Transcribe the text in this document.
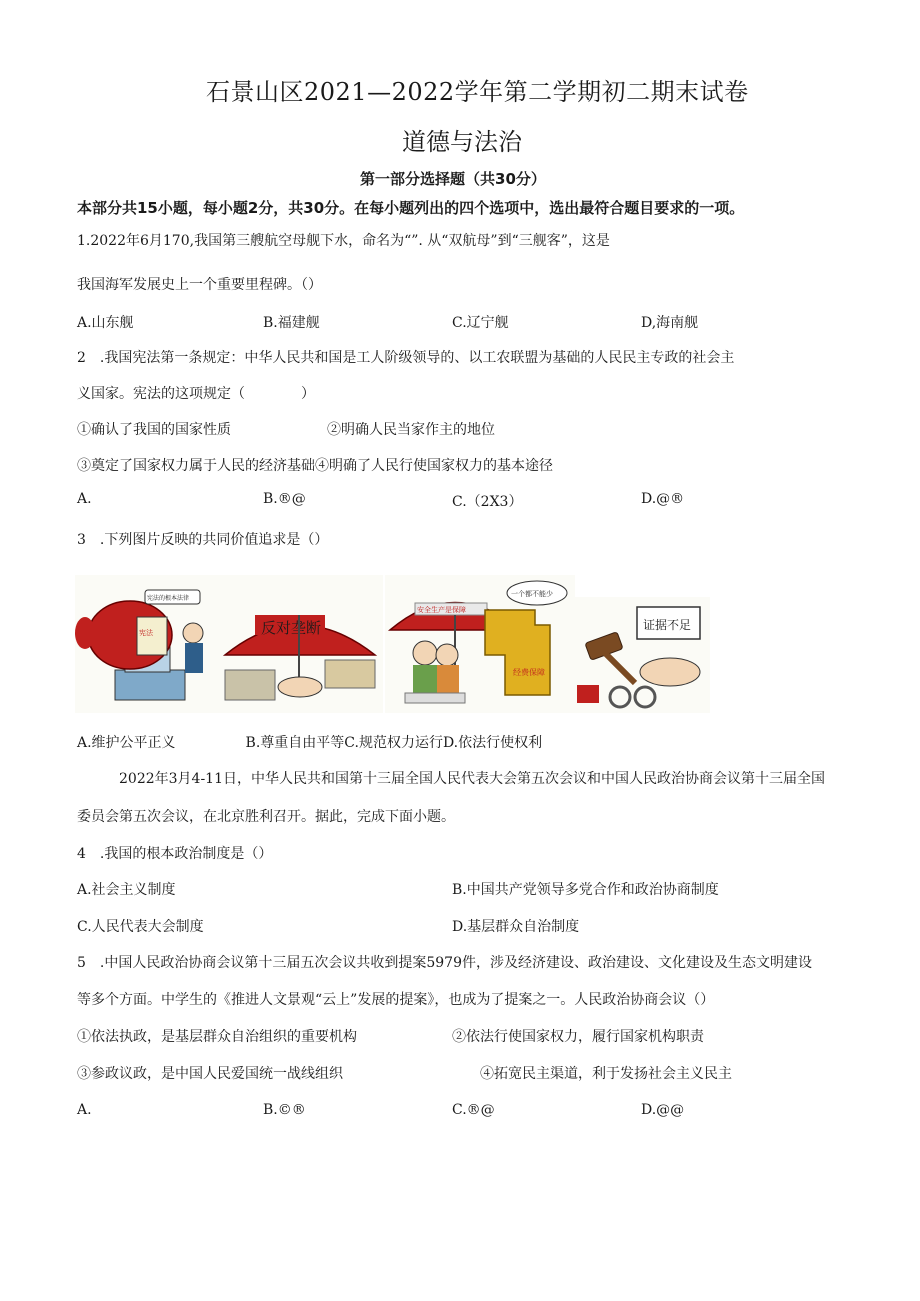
石景山区2021—2022学年第二学期初二期末试卷
道德与法治
第一部分选择题（共30分）
本部分共15小题，每小题2分，共30分。在每小题列出的四个选项中，选出最符合题目要求的一项。
1.2022年6月170,我国第三艘航空母舰下水，命名为“”. 从“双航母”到“三舰客”，这是
我国海军发展史上一个重要里程碑。（）
A.山东舰	B.福建舰	C.辽宁舰	D,海南舰
2　.我国宪法第一条规定：中华人民共和国是工人阶级领导的、以工农联盟为基础的人民民主专政的社会主
义国家。宪法的这项规定（　　　　）
①确认了我国的国家性质	②明确人民当家作主的地位
③奠定了国家权力属于人民的经济基础④明确了人民行使国家权力的基本途径
A.	B.®@	C.（2X3）	D.@®
3　.下列图片反映的共同价值追求是（）
宪法
宪法的根本法律
反对垄断
安全生产是保障
经费保障
一个都不能少
证据不足
A.维护公平正义　　　　　B.尊重自由平等C.规范权力运行D.依法行使权利
2022年3月4-11日，中华人民共和国第十三届全国人民代表大会第五次会议和中国人民政治协商会议第十三届全国
委员会第五次会议，在北京胜利召开。据此，完成下面小题。
4　.我国的根本政治制度是（）
A.社会主义制度	B.中国共产党领导多党合作和政治协商制度
C.人民代表大会制度	D.基层群众自治制度
5　.中国人民政治协商会议第十三届五次会议共收到提案5979件，涉及经济建设、政治建设、文化建设及生态文明建设
等多个方面。中学生的《推进人文景观“云上”发展的提案》，也成为了提案之一。人民政治协商会议（）
①依法执政，是基层群众自治组织的重要机构	②依法行使国家权力，履行国家机构职责
③参政议政，是中国人民爱国统一战线组织	④拓宽民主渠道，利于发扬社会主义民主
A.	B.©®	C.®@	D.@@
